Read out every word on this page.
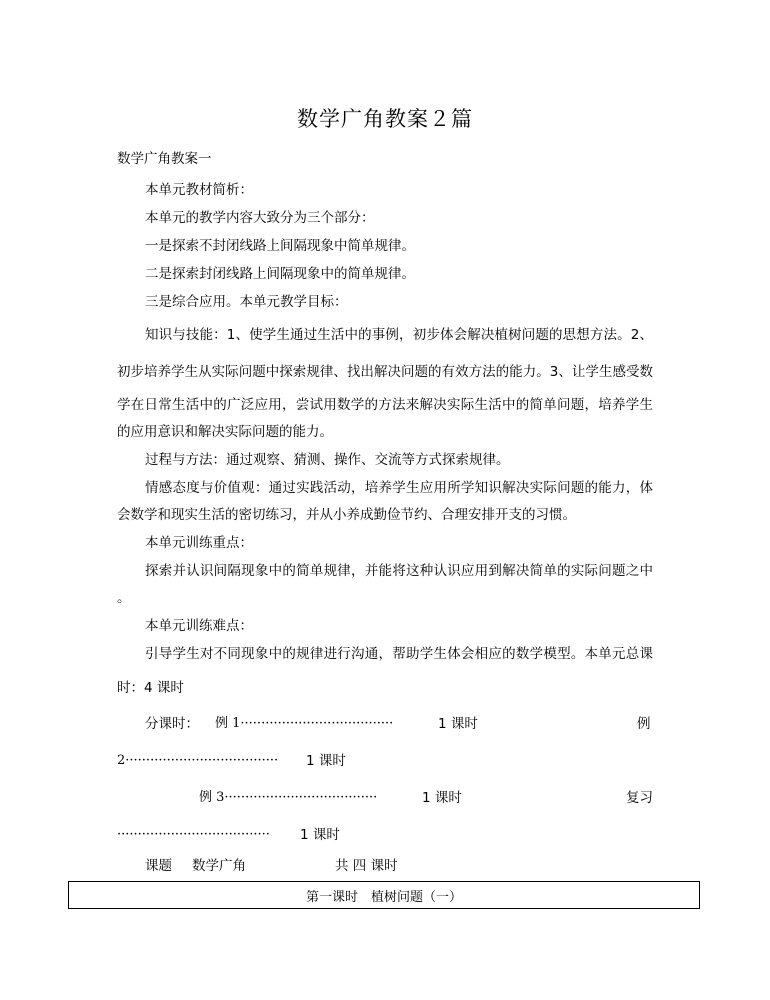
数学广角教案２篇
数学广角教案一
本单元教材简析：
本单元的教学内容大致分为三个部分：
一是探索不封闭线路上间隔现象中简单规律。
二是探索封闭线路上间隔现象中的简单规律。
三是综合应用。本单元教学目标：
知识与技能：1、使学生通过生活中的事例，初步体会解决植树问题的思想方法。2、
初步培养学生从实际问题中探索规律、找出解决问题的有效方法的能力。3、让学生感受数
学在日常生活中的广泛应用，尝试用数学的方法来解决实际生活中的简单问题，培养学生
的应用意识和解决实际问题的能力。
过程与方法：通过观察、猜测、操作、交流等方式探索规律。
情感态度与价值观：通过实践活动，培养学生应用所学知识解决实际问题的能力，体
会数学和现实生活的密切练习，并从小养成勤俭节约、合理安排开支的习惯。
本单元训练重点：
探索并认识间隔现象中的简单规律，并能将这种认识应用到解决简单的实际问题之中
。
本单元训练难点：
引导学生对不同现象中的规律进行沟通，帮助学生体会相应的数学模型。本单元总课
时：4 课时
分课时： 例 1·····································	1 课时	例
2····································· 1 课时
例 3·····································	1 课时	复习
····································· 1 课时
课题 数学广角	共 四 课时
第一课时　植树问题（一）
